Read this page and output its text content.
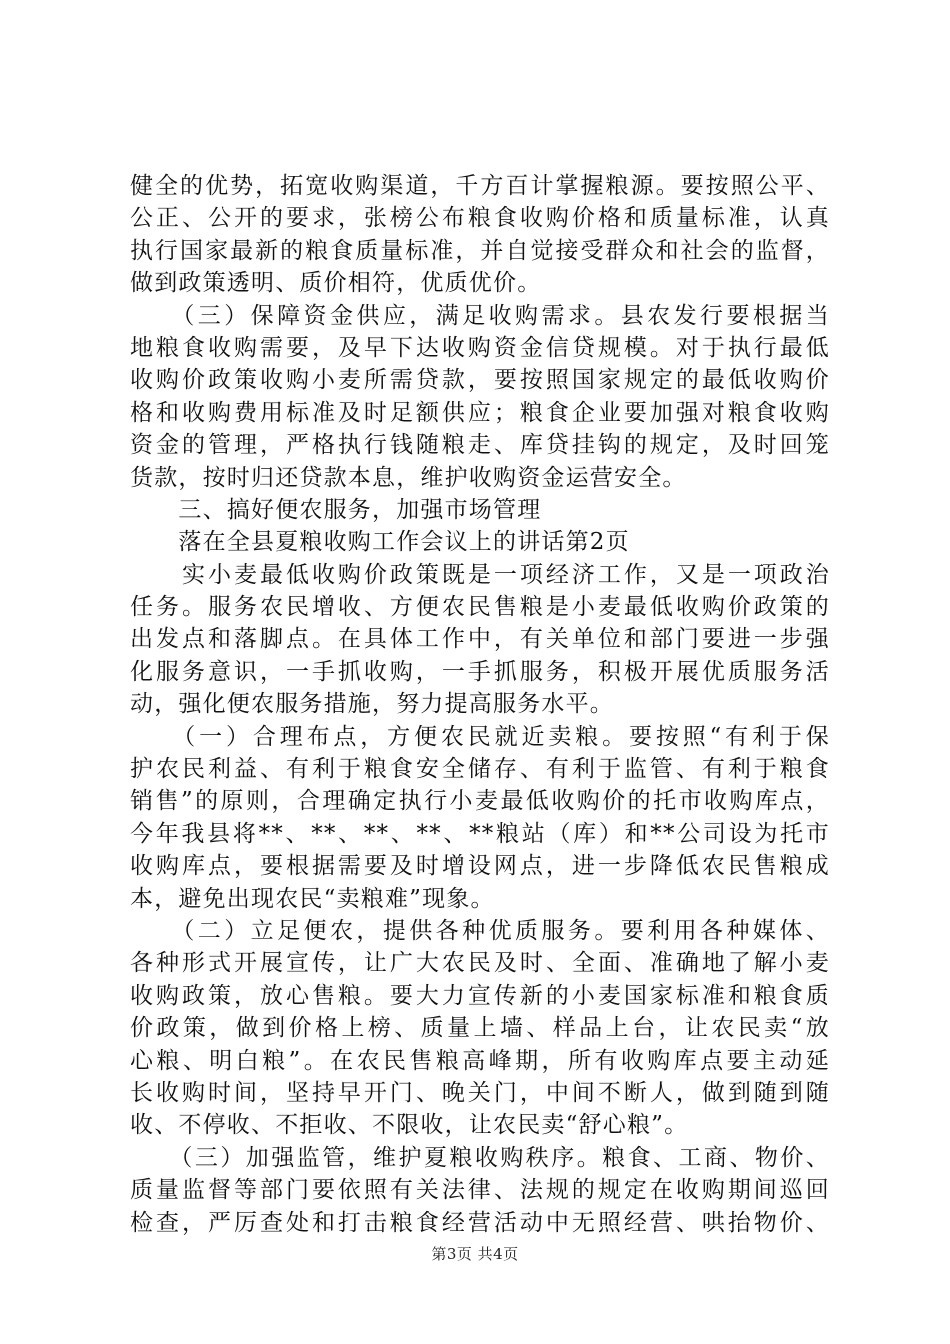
健全的优势，拓宽收购渠道，千方百计掌握粮源。要按照公平、
公正、公开的要求，张榜公布粮食收购价格和质量标准，认真
执行国家最新的粮食质量标准，并自觉接受群众和社会的监督，
做到政策透明、质价相符，优质优价。
　　（三）保障资金供应，满足收购需求。县农发行要根据当
地粮食收购需要，及早下达收购资金信贷规模。对于执行最低
收购价政策收购小麦所需贷款，要按照国家规定的最低收购价
格和收购费用标准及时足额供应；粮食企业要加强对粮食收购
资金的管理，严格执行钱随粮走、库贷挂钩的规定，及时回笼
货款，按时归还贷款本息，维护收购资金运营安全。
　　三、搞好便农服务，加强市场管理
　　落在全县夏粮收购工作会议上的讲话第2页
　　实小麦最低收购价政策既是一项经济工作，又是一项政治
任务。服务农民增收、方便农民售粮是小麦最低收购价政策的
出发点和落脚点。在具体工作中，有关单位和部门要进一步强
化服务意识，一手抓收购，一手抓服务，积极开展优质服务活
动，强化便农服务措施，努力提高服务水平。
　　（一）合理布点，方便农民就近卖粮。要按照“有利于保
护农民利益、有利于粮食安全储存、有利于监管、有利于粮食
销售”的原则，合理确定执行小麦最低收购价的托市收购库点，
今年我县将**、**、**、**、**粮站（库）和**公司设为托市
收购库点，要根据需要及时增设网点，进一步降低农民售粮成
本，避免出现农民“卖粮难”现象。
　　（二）立足便农，提供各种优质服务。要利用各种媒体、
各种形式开展宣传，让广大农民及时、全面、准确地了解小麦
收购政策，放心售粮。要大力宣传新的小麦国家标准和粮食质
价政策，做到价格上榜、质量上墙、样品上台，让农民卖“放
心粮、明白粮”。在农民售粮高峰期，所有收购库点要主动延
长收购时间，坚持早开门、晚关门，中间不断人，做到随到随
收、不停收、不拒收、不限收，让农民卖“舒心粮”。
　　（三）加强监管，维护夏粮收购秩序。粮食、工商、物价、
质量监督等部门要依照有关法律、法规的规定在收购期间巡回
检查，严厉查处和打击粮食经营活动中无照经营、哄抬物价、
第3页 共4页
